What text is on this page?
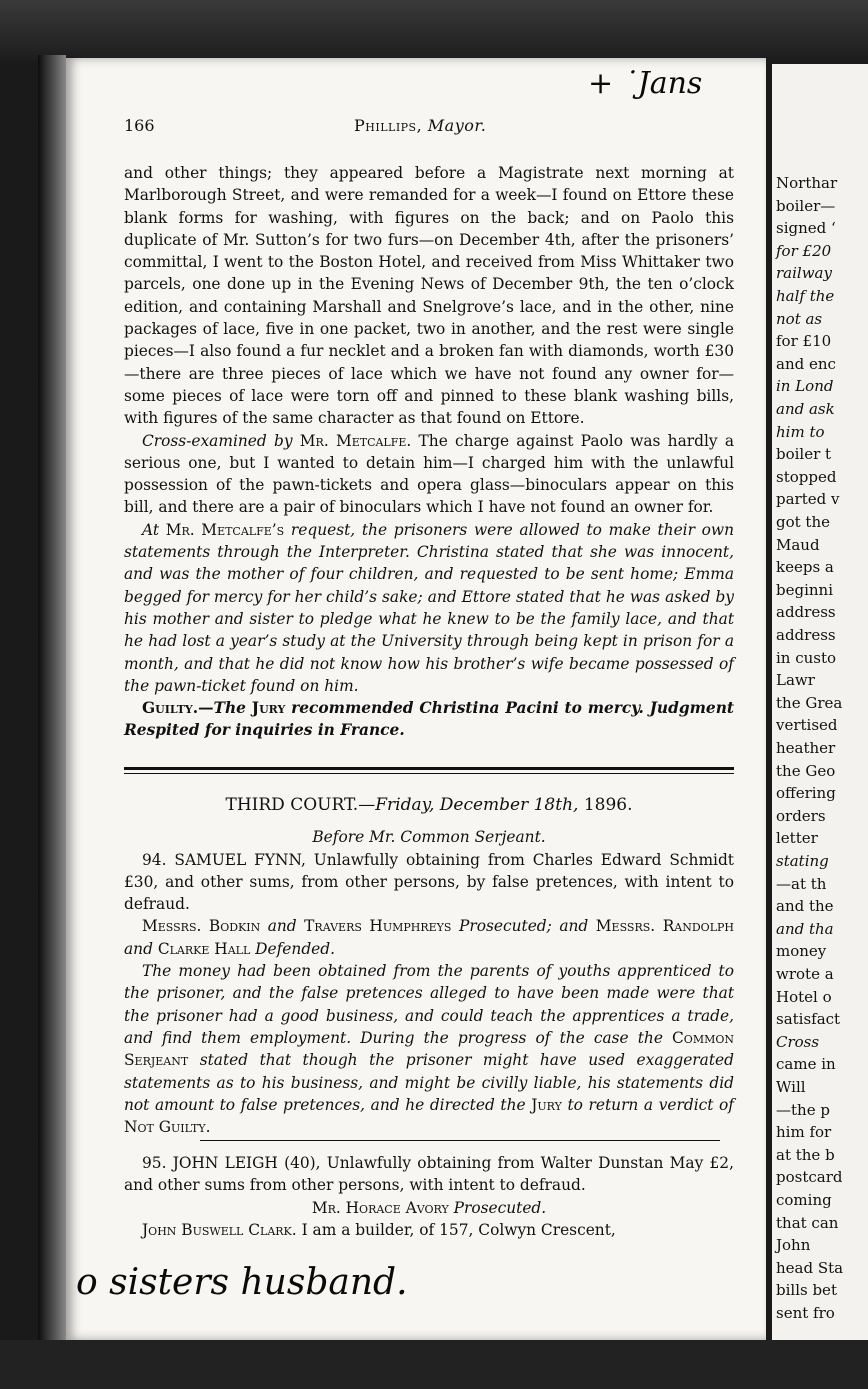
Northar
boiler—
signed ‘
for £20
railway
half the
not as
for £10
and enc
in Lond
and ask
him to
boiler t
stopped
parted v
got the
Maud
keeps a
beginni
address
address
in custo
Lawr
the Grea
vertised
heather
the Geo
offering
orders
letter
stating
—at th
and the
and tha
money
wrote a
Hotel o
satisfact
Cross
came in
Will
—the p
him for
at the b
postcard
coming
that can
John
head Sta
bills bet
sent fro
+ ˙Jans
166	Phillips, Mayor.

and other things; they appeared before a Magistrate next morning at Marlborough Street, and were remanded for a week—I found on Ettore these blank forms for washing, with figures on the back; and on Paolo this duplicate of Mr. Sutton’s for two furs—on December 4th, after the prisoners’ committal, I went to the Boston Hotel, and received from Miss Whittaker two parcels, one done up in the Evening News of December 9th, the ten o’clock edition, and containing Marshall and Snelgrove’s lace, and in the other, nine packages of lace, five in one packet, two in another, and the rest were single pieces—I also found a fur necklet and a broken fan with diamonds, worth £30—there are three pieces of lace which we have not found any owner for—some pieces of lace were torn off and pinned to these blank washing bills, with figures of the same character as that found on Ettore.

Cross-examined by Mr. Metcalfe. The charge against Paolo was hardly a serious one, but I wanted to detain him—I charged him with the unlawful possession of the pawn-tickets and opera glass—binoculars appear on this bill, and there are a pair of binoculars which I have not found an owner for.

At Mr. Metcalfe’s request, the prisoners were allowed to make their own statements through the Interpreter. Christina stated that she was innocent, and was the mother of four children, and requested to be sent home; Emma begged for mercy for her child’s sake; and Ettore stated that he was asked by his mother and sister to pledge what he knew to be the family lace, and that he had lost a year’s study at the University through being kept in prison for a month, and that he did not know how his brother’s wife became possessed of the pawn-ticket found on him.

Guilty.—The Jury recommended Christina Pacini to mercy. Judgment Respited for inquiries in France.

THIRD COURT.—Friday, December 18th, 1896.

Before Mr. Common Serjeant.

94. SAMUEL FYNN, Unlawfully obtaining from Charles Edward Schmidt £30, and other sums, from other persons, by false pretences, with intent to defraud.

Messrs. Bodkin and Travers Humphreys Prosecuted; and Messrs. Randolph and Clarke Hall Defended.

The money had been obtained from the parents of youths apprenticed to the prisoner, and the false pretences alleged to have been made were that the prisoner had a good business, and could teach the apprentices a trade, and find them employment. During the progress of the case the Common Serjeant stated that though the prisoner might have used exaggerated statements as to his business, and might be civilly liable, his statements did not amount to false pretences, and he directed the Jury to return a verdict of Not Guilty.

95. JOHN LEIGH (40), Unlawfully obtaining from Walter Dunstan May £2, and other sums from other persons, with intent to defraud.

Mr. Horace Avory Prosecuted.

John Buswell Clark. I am a builder, of 157, Colwyn Crescent,

o sisters husband.
